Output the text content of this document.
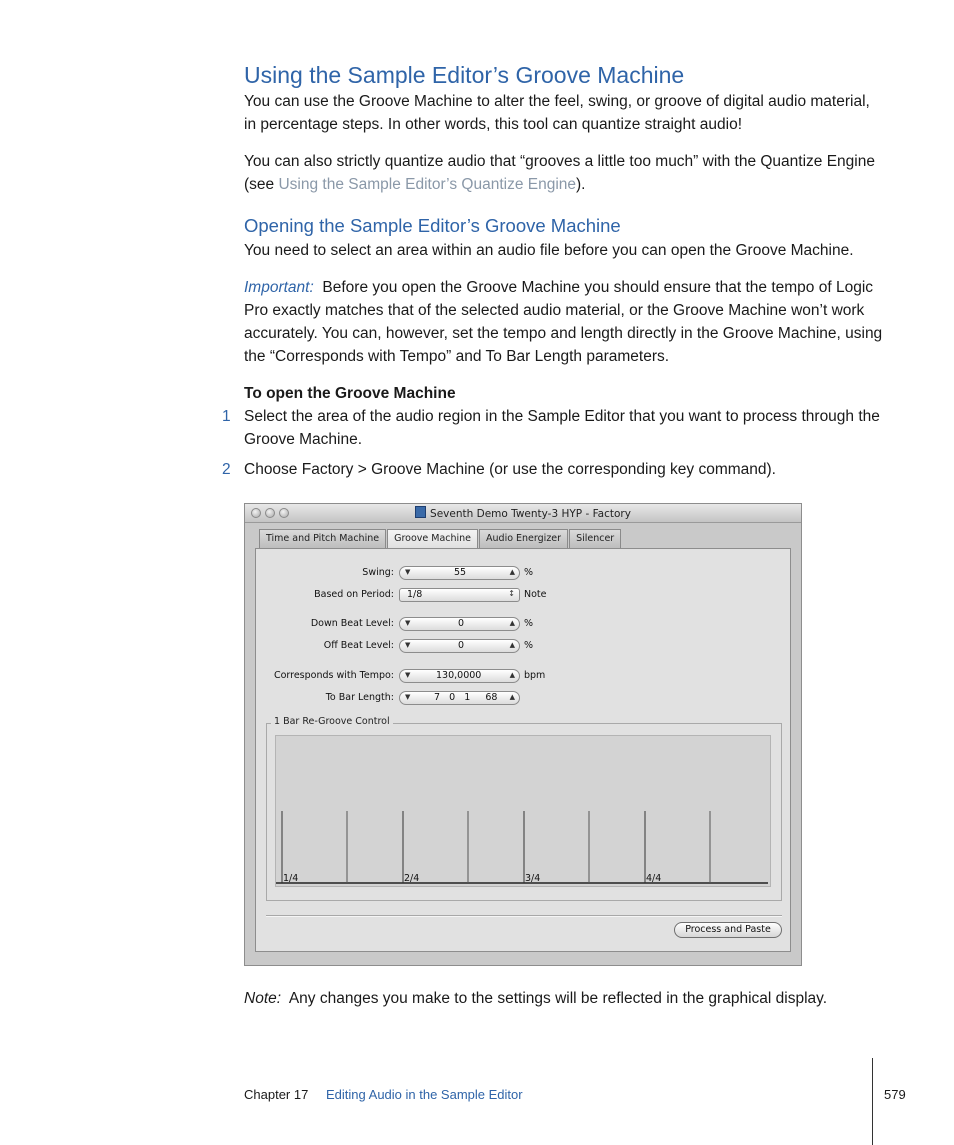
Using the Sample Editor’s Groove Machine
You can use the Groove Machine to alter the feel, swing, or groove of digital audio material, in percentage steps. In other words, this tool can quantize straight audio!
You can also strictly quantize audio that “grooves a little too much” with the Quantize Engine (see Using the Sample Editor’s Quantize Engine).
Opening the Sample Editor’s Groove Machine
You need to select an area within an audio file before you can open the Groove Machine.
Important: Before you open the Groove Machine you should ensure that the tempo of Logic Pro exactly matches that of the selected audio material, or the Groove Machine won’t work accurately. You can, however, set the tempo and length directly in the Groove Machine, using the “Corresponds with Tempo” and To Bar Length parameters.
To open the Groove Machine
1 Select the area of the audio region in the Sample Editor that you want to process through the Groove Machine.
2 Choose Factory > Groove Machine (or use the corresponding key command).
Seventh Demo Twenty-3 HYP - Factory
Time and Pitch Machine	Groove Machine	Audio Energizer	Silencer
Swing: ▼	55	▲ %
Based on Period: 1/8	↕ Note
Down Beat Level: ▼	0	▲ %
Off Beat Level: ▼	0	▲ %
Corresponds with Tempo: ▼	130,0000	▲ bpm
To Bar Length: ▼ 7   0   1     68 ▲
1 Bar Re-Groove Control
1/4	2/4	3/4	4/4
Process and Paste
Note: Any changes you make to the settings will be reflected in the graphical display.
Chapter 17 Editing Audio in the Sample Editor	579
